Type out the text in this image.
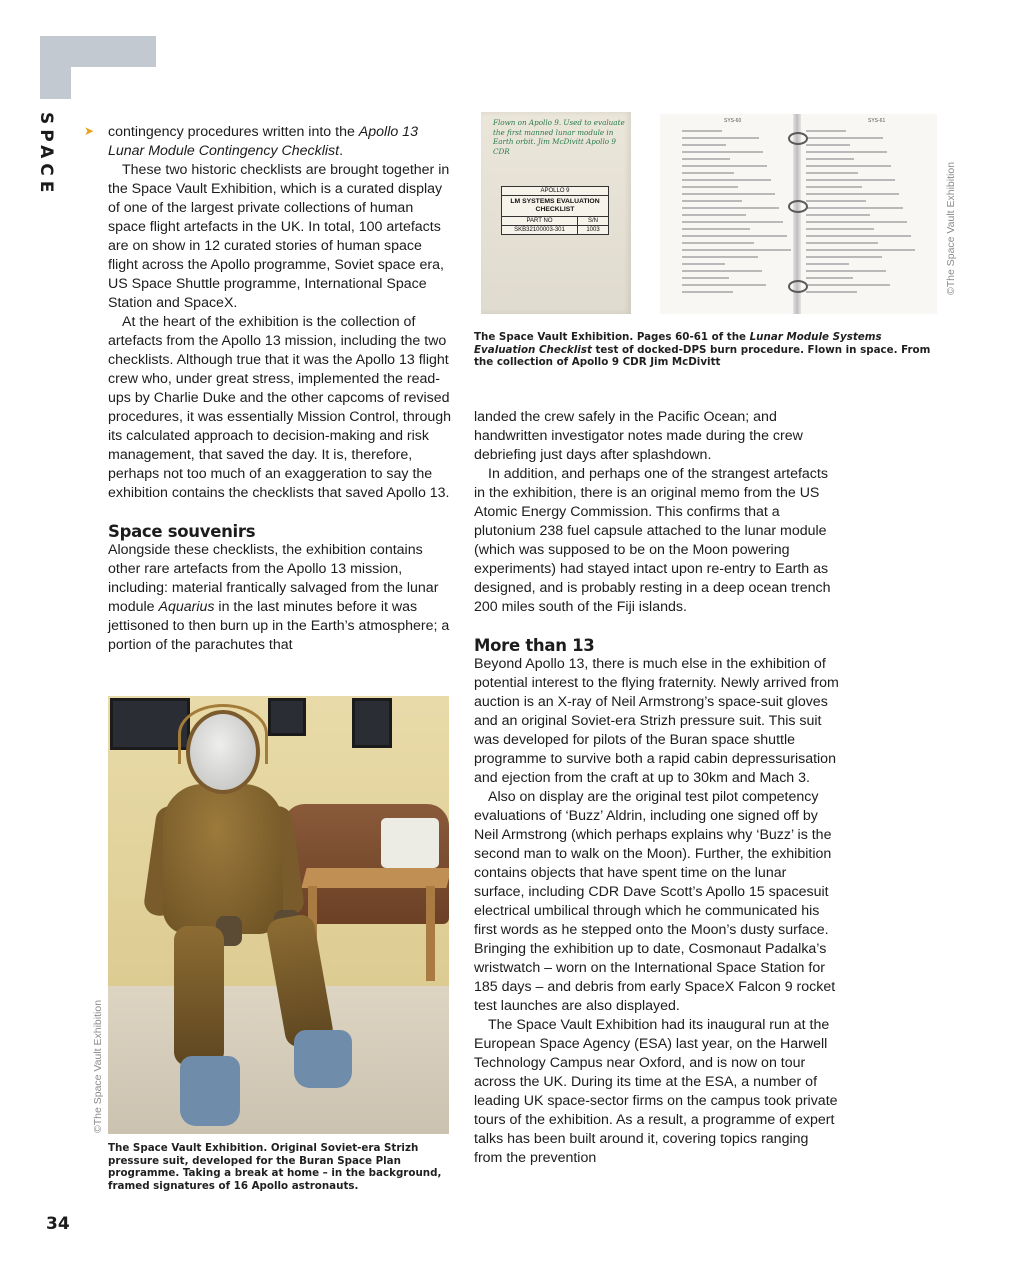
SPACE ➤ contingency procedures written into the Apollo 13 Lunar Module Contingency Checklist.

These two historic checklists are brought together in the Space Vault Exhibition, which is a curated display of one of the largest private collections of human space flight artefacts in the UK. In total, 100 artefacts are on show in 12 curated stories of human space flight across the Apollo programme, Soviet space era, US Space Shuttle programme, International Space Station and SpaceX.

At the heart of the exhibition is the collection of artefacts from the Apollo 13 mission, including the two checklists. Although true that it was the Apollo 13 flight crew who, under great stress, implemented the read-ups by Charlie Duke and the other capcoms of revised procedures, it was essentially Mission Control, through its calculated approach to decision-making and risk management, that saved the day. It is, therefore, perhaps not too much of an exaggeration to say the exhibition contains the checklists that saved Apollo 13.

Space souvenirs

Alongside these checklists, the exhibition contains other rare artefacts from the Apollo 13 mission, including: material frantically salvaged from the lunar module Aquarius in the last minutes before it was jettisoned to then burn up in the Earth’s atmosphere; a portion of the parachutes that

landed the crew safely in the Pacific Ocean; and handwritten investigator notes made during the crew debriefing just days after splashdown.

In addition, and perhaps one of the strangest artefacts in the exhibition, there is an original memo from the US Atomic Energy Commission. This confirms that a plutonium 238 fuel capsule attached to the lunar module (which was supposed to be on the Moon powering experiments) had stayed intact upon re-entry to Earth as designed, and is probably resting in a deep ocean trench 200 miles south of the Fiji islands.

More than 13

Beyond Apollo 13, there is much else in the exhibition of potential interest to the flying fraternity. Newly arrived from auction is an X-ray of Neil Armstrong’s space-suit gloves and an original Soviet-era Strizh pressure suit. This suit was developed for pilots of the Buran space shuttle programme to survive both a rapid cabin depressurisation and ejection from the craft at up to 30km and Mach 3.

Also on display are the original test pilot competency evaluations of ‘Buzz’ Aldrin, including one signed off by Neil Armstrong (which perhaps explains why ‘Buzz’ is the second man to walk on the Moon). Further, the exhibition contains objects that have spent time on the lunar surface, including CDR Dave Scott’s Apollo 15 spacesuit electrical umbilical through which he communicated his first words as he stepped onto the Moon’s dusty surface. Bringing the exhibition up to date, Cosmonaut Padalka’s wristwatch – worn on the International Space Station for 185 days – and debris from early SpaceX Falcon 9 rocket test launches are also displayed.

The Space Vault Exhibition had its inaugural run at the European Space Agency (ESA) last year, on the Harwell Technology Campus near Oxford, and is now on tour across the UK. During its time at the ESA, a number of leading UK space-sector firms on the campus took private tours of the exhibition. As a result, a programme of expert talks has been built around it, covering topics ranging from the prevention

Flown on Apollo 9. Used to evaluate the first manned lunar module in Earth orbit. Jim McDivitt Apollo 9 CDR
APOLLO 9
LM SYSTEMS EVALUATION CHECKLIST
PART NO	S/N
SKB32100003-301	1003
SYS-60	SYS-61
The Space Vault Exhibition. Pages 60-61 of the Lunar Module Systems Evaluation Checklist test of docked-DPS burn procedure. Flown in space. From the collection of Apollo 9 CDR Jim McDivitt
©The Space Vault Exhibition
The Space Vault Exhibition. Original Soviet-era Strizh pressure suit, developed for the Buran Space Plan programme. Taking a break at home – in the background, framed signatures of 16 Apollo astronauts.
©The Space Vault Exhibition
34
